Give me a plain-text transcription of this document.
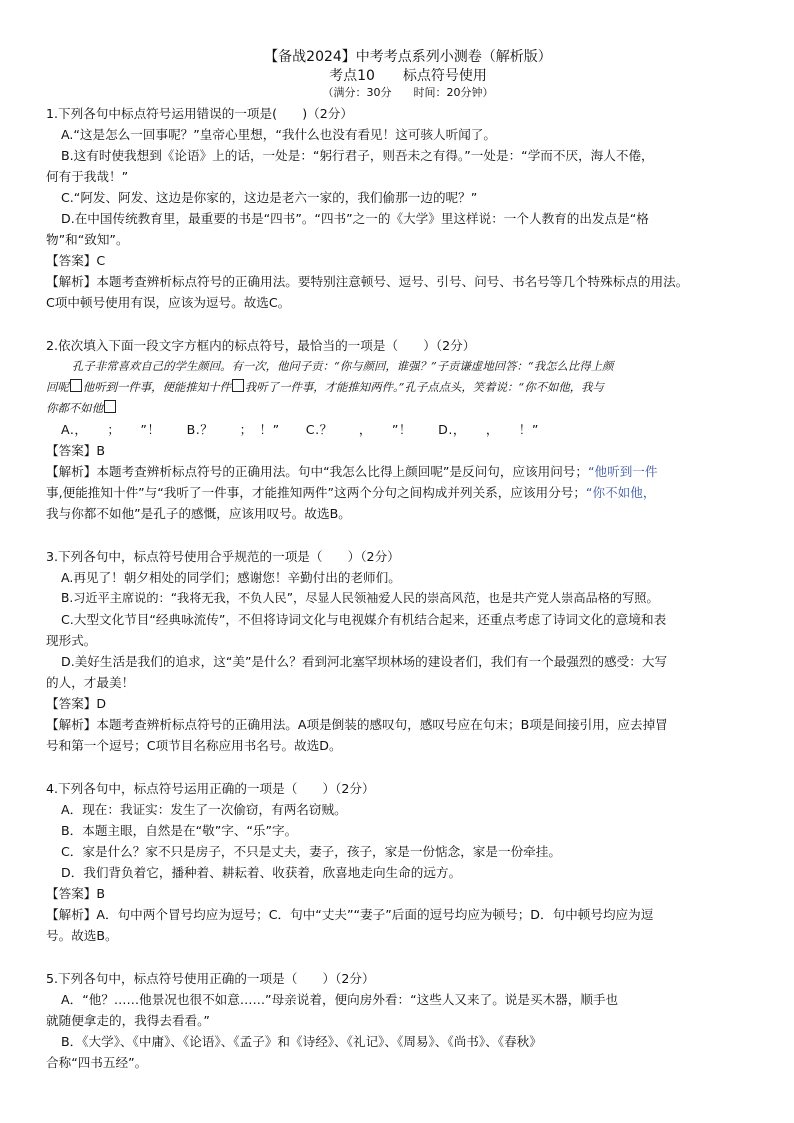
【备战2024】中考考点系列小测卷（解析版）
考点10　　标点符号使用
（满分：30分　　时间：20分钟）
1.下列各句中标点符号运用错误的一项是(　　)（2分）
A.“这是怎么一回事呢？”皇帝心里想，“我什么也没有看见！这可骇人听闻了。
B.这有时使我想到《论语》上的话，一处是：“躬行君子，则吾未之有得。”一处是：“学而不厌，海人不倦，
何有于我哉！”
C.“阿发、阿发、这边是你家的，这边是老六一家的，我们偷那一边的呢？”
D.在中国传统教育里，最重要的书是“四书”。“四书”之一的《大学》里这样说：一个人教育的出发点是“格
物”和“致知”。
【答案】C
【解析】本题考查辨析标点符号的正确用法。要特别注意顿号、逗号、引号、问号、书名号等几个特殊标点的用法。
C项中顿号使用有误，应该为逗号。故选C。
2.依次填入下面一段文字方框内的标点符号，最恰当的一项是（　　）（2分）
孔子非常喜欢自己的学生颜回。有一次，他问子贡：“你与颜回，谁强？”子贡谦虚地回答：“我怎么比得上颜
回呢 他听到一件事，便能推知十件 我听了一件事，才能推知两件。”孔子点点头，笑着说：“你不如他，我与
你都不如他
A.，　　；　　”！　　B.？　　；　！”　　C.？　　，　　”！　　D.，　　，　　！”
【答案】B
【解析】本题考查辨析标点符号的正确用法。句中“我怎么比得上颜回呢”是反问句，应该用问号；“他听到一件
事,便能推知十件”与“我听了一件事，才能推知两件”这两个分句之间构成并列关系，应该用分号；“你不如他，
我与你都不如他”是孔子的感慨，应该用叹号。故选B。
3.下列各句中，标点符号使用合乎规范的一项是（　　）（2分）
A.再见了！朝夕相处的同学们；感谢您！辛勤付出的老师们。
B.习近平主席说的：“我将无我，不负人民”，尽显人民领袖爱人民的崇高风范，也是共产党人崇高品格的写照。
C.大型文化节目“经典咏流传”，不但将诗词文化与电视媒介有机结合起来，还重点考虑了诗词文化的意境和表
现形式。
D.美好生活是我们的追求，这“美”是什么？看到河北塞罕坝林场的建设者们，我们有一个最强烈的感受：大写
的人，才最美！
【答案】D
【解析】本题考查辨析标点符号的正确用法。A项是倒装的感叹句，感叹号应在句末；B项是间接引用，应去掉冒
号和第一个逗号；C项节目名称应用书名号。故选D。
4.下列各句中，标点符号运用正确的一项是（　　）（2分）
A．现在：我证实：发生了一次偷窃，有两名窃贼。
B．本题主眼，自然是在“敬”字、“乐”字。
C．家是什么？家不只是房子，不只是丈夫，妻子，孩子，家是一份惦念，家是一份牵挂。
D．我们背负着它，播种着、耕耘着、收获着，欣喜地走向生命的远方。
【答案】B
【解析】A．句中两个冒号均应为逗号；C．句中“丈夫”“妻子”后面的逗号均应为顿号；D．句中顿号均应为逗
号。故选B。
5.下列各句中，标点符号使用正确的一项是（　　）（2分）
A．“他？……他景况也很不如意……”母亲说着，便向房外看：“这些人又来了。说是买木器，顺手也
就随便拿走的，我得去看看。”
B．《大学》、《中庸》、《论语》、《孟子》和《诗经》、《礼记》、《周易》、《尚书》、《春秋》
合称“四书五经”。
